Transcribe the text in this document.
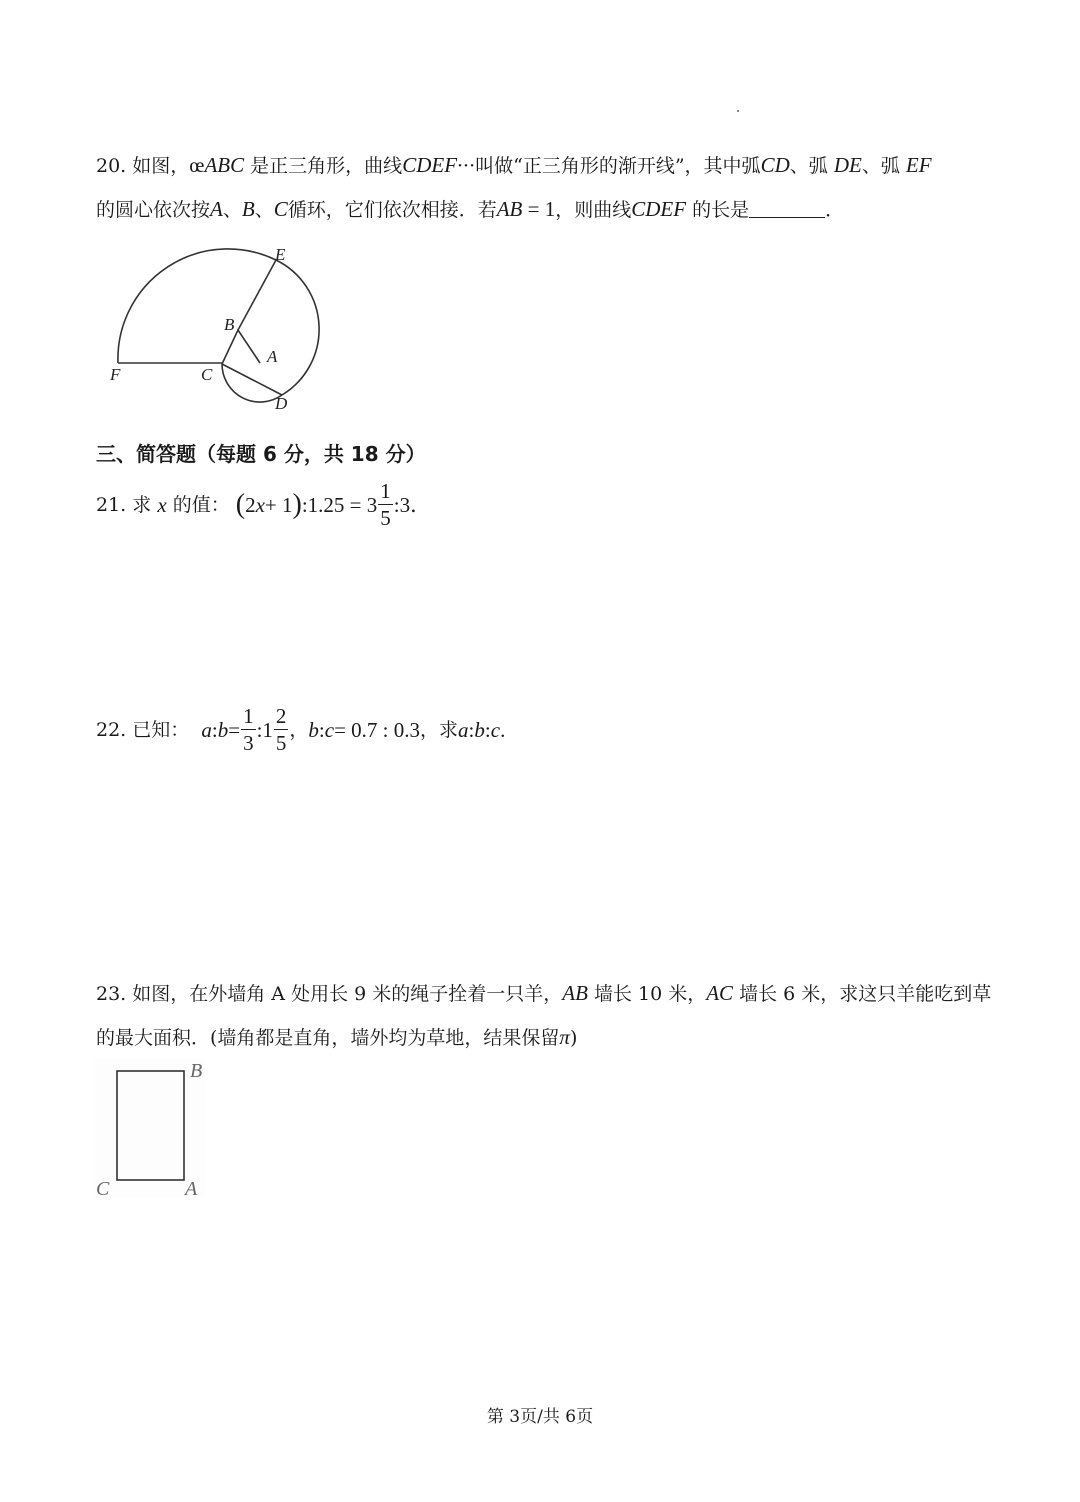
20. 如图，œABC 是正三角形，曲线CDEF···叫做“正三角形的渐开线”，其中弧CD、弧 DE、弧 EF
的圆心依次按A、B、C循环，它们依次相接．若AB = 1，则曲线CDEF 的长是	．
E
B
A
F	C
D
三、简答题（每题 6 分，共 18 分）
21.
求
x
的值：
( 2 x + 1 ) :1.25 = $3 \frac{1}{5}$ :3．
22.
已知：
a : $b = \frac{1}{3}$ :1 $\frac{2}{5}$ ， b : c = 0.7 : 0.3 ，求 a : b : c .
23. 如图，在外墙角 A 处用长 9 米的绳子拴着一只羊，AB 墙长 10 米，AC 墙长 6 米，求这只羊能吃到草
的最大面积．(墙角都是直角，墙外均为草地，结果保留π)
B
C	A
第 3页/共 6页
